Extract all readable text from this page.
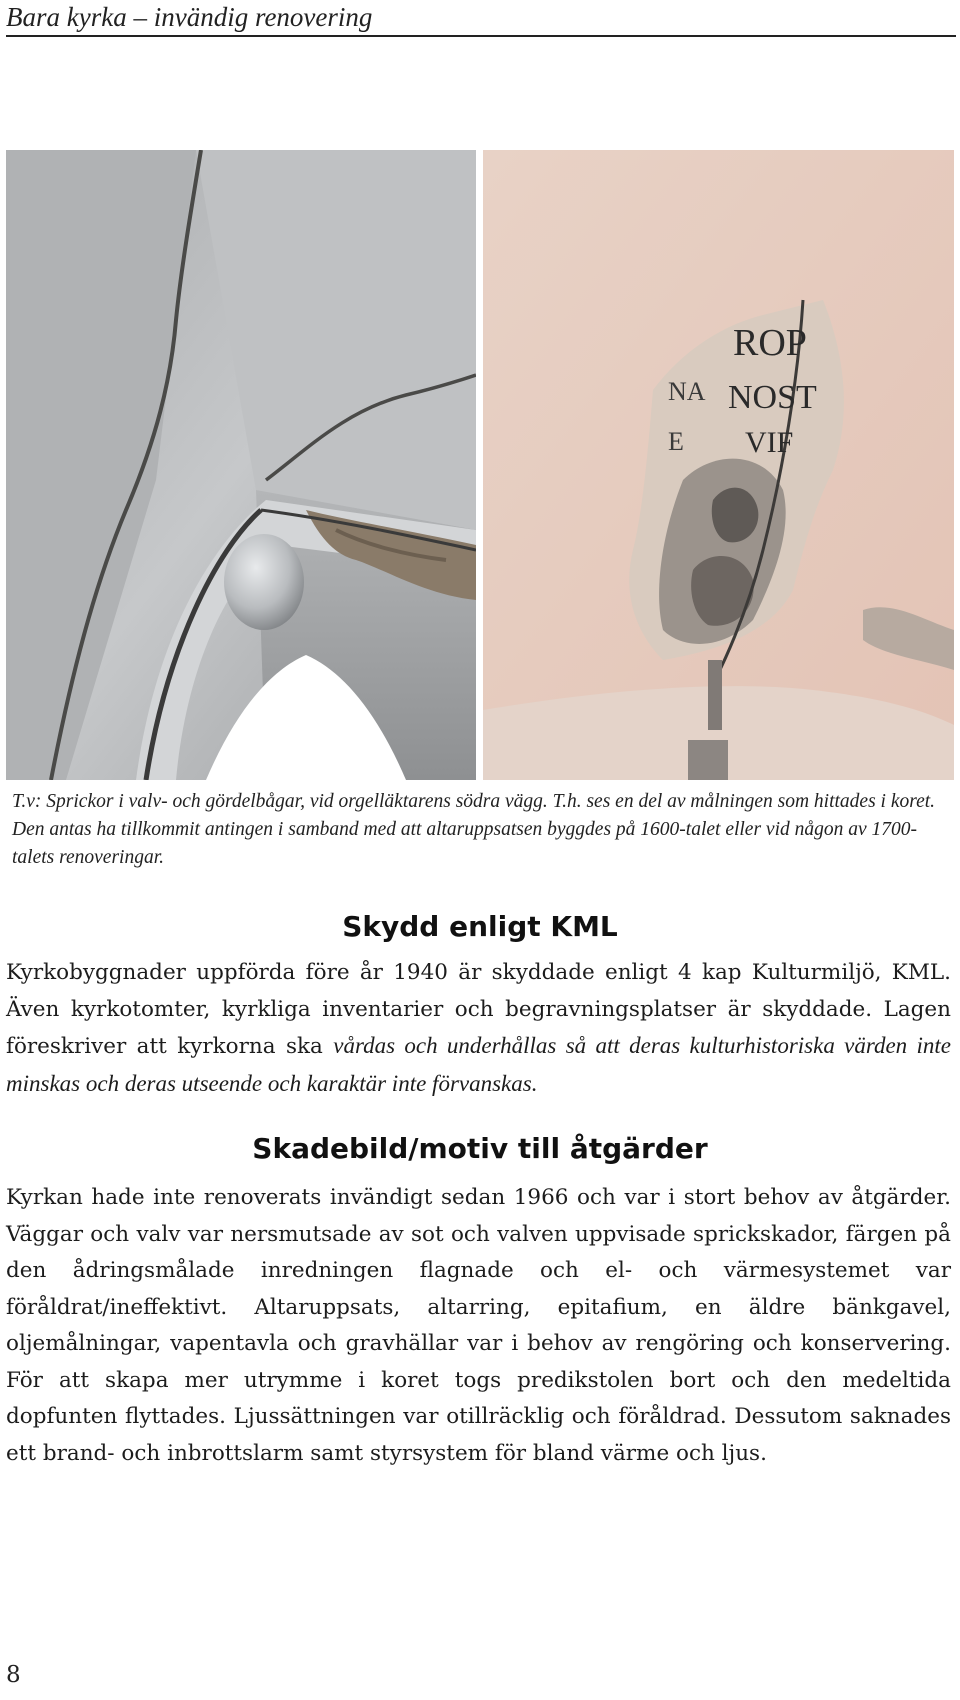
Bara kyrka – invändig renovering
ROP
NA NOST
E VIF
T.v: Sprickor i valv- och gördelbågar, vid orgelläktarens södra vägg. T.h. ses en del av målningen som hittades i koret. Den antas ha tillkommit antingen i samband med att altaruppsatsen byggdes på 1600-talet eller vid någon av 1700-talets renoveringar.
Skydd enligt KML
Kyrkobyggnader uppförda före år 1940 är skyddade enligt 4 kap Kulturmiljö, KML. Även kyrkotomter, kyrkliga inventarier och begravningsplatser är skyddade. Lagen föreskriver att kyrkorna ska vårdas och underhållas så att deras kulturhistoriska värden inte minskas och deras utseende och karaktär inte förvanskas.
Skadebild/motiv till åtgärder
Kyrkan hade inte renoverats invändigt sedan 1966 och var i stort behov av åtgärder. Väggar och valv var nersmutsade av sot och valven uppvisade sprickskador, färgen på den ådringsmålade inredningen flagnade och el- och värmesystemet var föråldrat/ineffektivt. Altaruppsats, altarring, epitafium, en äldre bänkgavel, oljemålningar, vapentavla och gravhällar var i behov av rengöring och konservering. För att skapa mer utrymme i koret togs predikstolen bort och den medeltida dopfunten flyttades. Ljussättningen var otillräcklig och föråldrad. Dessutom saknades ett brand- och inbrottslarm samt styrsystem för bland värme och ljus.
8
